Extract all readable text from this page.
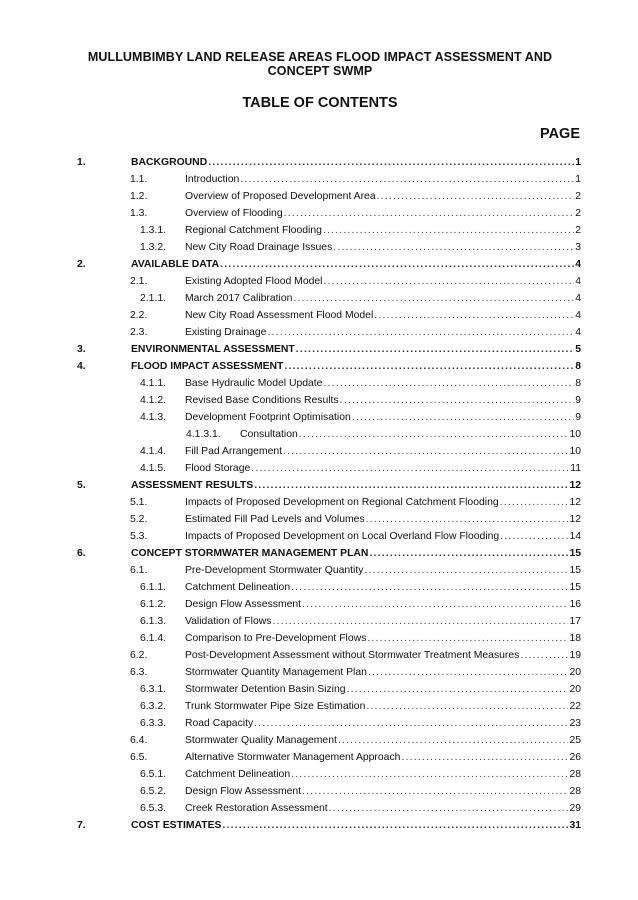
MULLUMBIMBY LAND RELEASE AREAS FLOOD IMPACT ASSESSMENT AND
CONCEPT SWMP
TABLE OF CONTENTS
PAGE
1.	BACKGROUND .....	1
1.1.	Introduction .....	1
1.2.	Overview of Proposed Development Area .....	2
1.3.	Overview of Flooding .....	2
1.3.1. Regional Catchment Flooding .....	2
1.3.2. New City Road Drainage Issues .....	3
2.	AVAILABLE DATA .....	4
2.1.	Existing Adopted Flood Model .....	4
2.1.1. March 2017 Calibration .....	4
2.2.	New City Road Assessment Flood Model .....	4
2.3.	Existing Drainage .....	4
3.	ENVIRONMENTAL ASSESSMENT .....	5
4.	FLOOD IMPACT ASSESSMENT .....	8
4.1.1. Base Hydraulic Model Update .....	8
4.1.2. Revised Base Conditions Results .....	9
4.1.3. Development Footprint Optimisation .....	9
4.1.3.1. Consultation .....	10
4.1.4. Fill Pad Arrangement .....	10
4.1.5. Flood Storage .....	11
5.	ASSESSMENT RESULTS .....	12
5.1.	Impacts of Proposed Development on Regional Catchment Flooding .....	12
5.2.	Estimated Fill Pad Levels and Volumes .....	12
5.3.	Impacts of Proposed Development on Local Overland Flow Flooding .....	14
6.	CONCEPT STORMWATER MANAGEMENT PLAN .....	15
6.1.	Pre-Development Stormwater Quantity .....	15
6.1.1. Catchment Delineation .....	15
6.1.2. Design Flow Assessment .....	16
6.1.3. Validation of Flows .....	17
6.1.4. Comparison to Pre-Development Flows .....	18
6.2.	Post-Development Assessment without Stormwater Treatment Measures .....	19
6.3.	Stormwater Quantity Management Plan .....	20
6.3.1. Stormwater Detention Basin Sizing .....	20
6.3.2. Trunk Stormwater Pipe Size Estimation .....	22
6.3.3. Road Capacity .....	23
6.4.	Stormwater Quality Management .....	25
6.5.	Alternative Stormwater Management Approach .....	26
6.5.1. Catchment Delineation .....	28
6.5.2. Design Flow Assessment .....	28
6.5.3. Creek Restoration Assessment .....	29
7.	COST ESTIMATES .....	31
